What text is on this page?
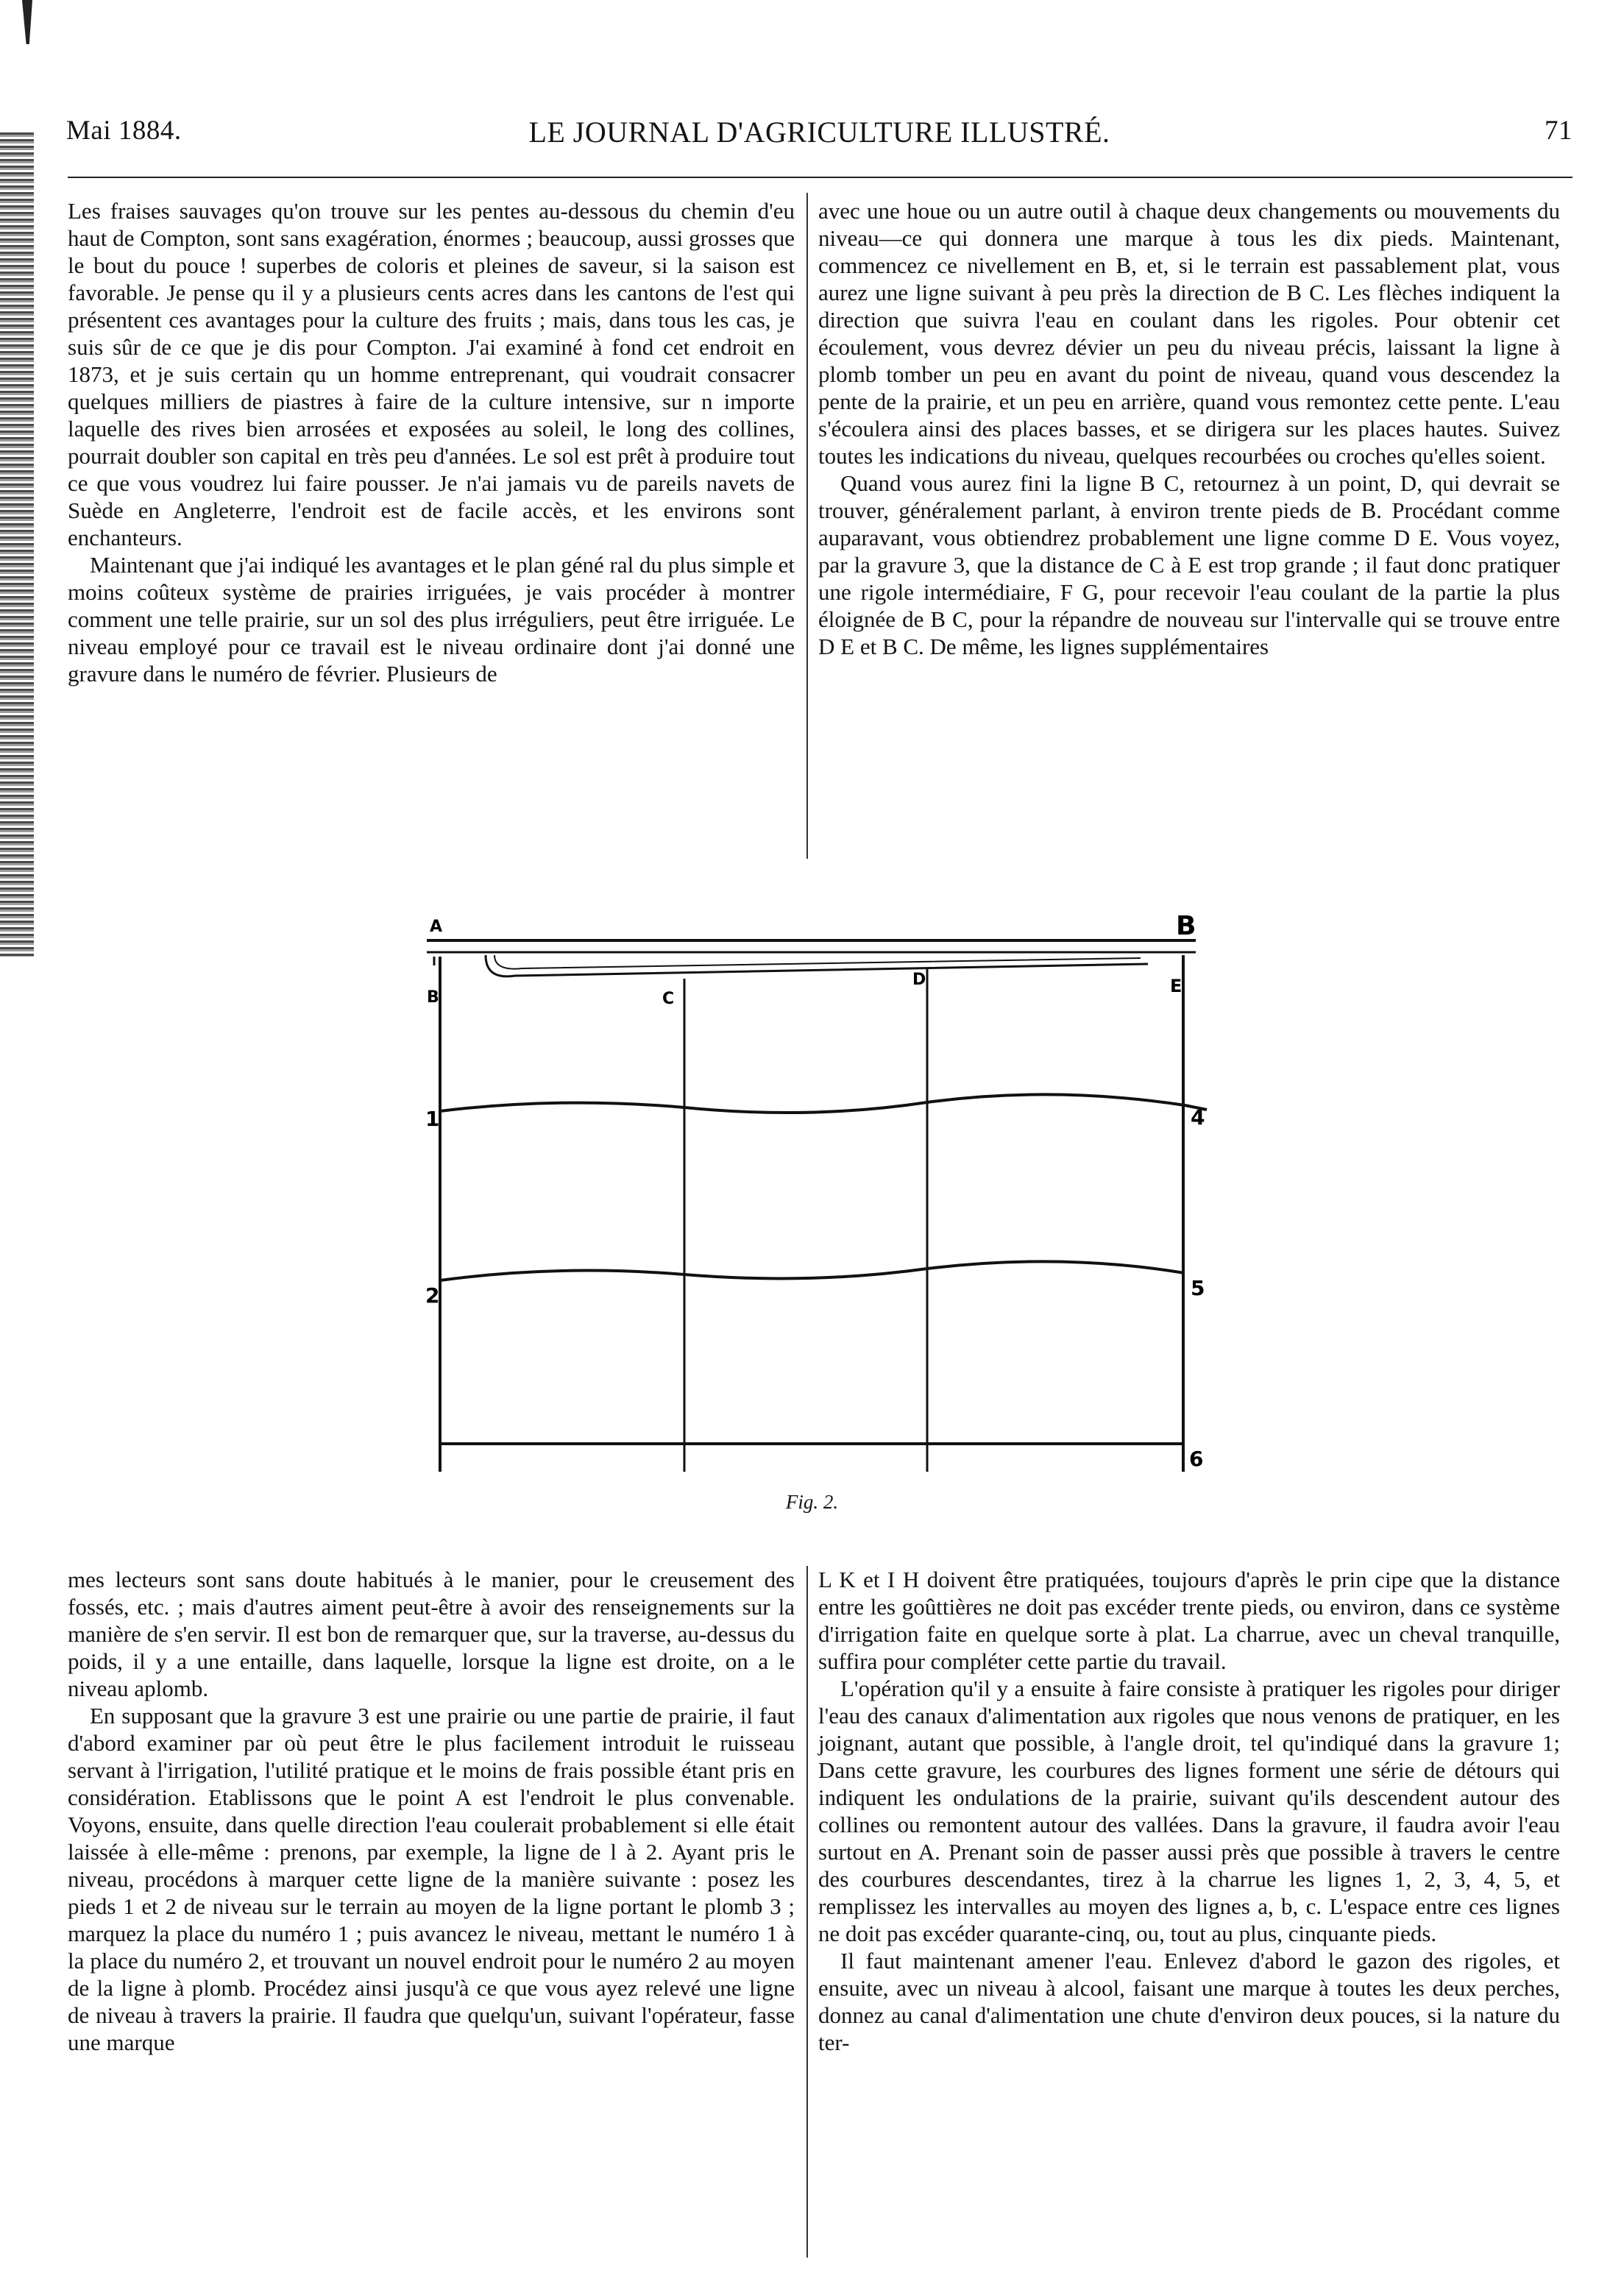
Mai 1884.	LE JOURNAL D'AGRICULTURE ILLUSTRÉ.	71

Les fraises sauvages qu'on trouve sur les pentes au-dessous du chemin d'eu haut de Compton, sont sans exagération, énormes ; beaucoup, aussi grosses que le bout du pouce ! superbes de coloris et pleines de saveur, si la saison est favorable. Je pense qu il y a plusieurs cents acres dans les cantons de l'est qui présentent ces avantages pour la culture des fruits ; mais, dans tous les cas, je suis sûr de ce que je dis pour Compton. J'ai examiné à fond cet endroit en 1873, et je suis certain qu un homme entreprenant, qui voudrait consacrer quelques milliers de piastres à faire de la culture intensive, sur n importe laquelle des rives bien arrosées et exposées au soleil, le long des collines, pourrait doubler son capital en très peu d'années. Le sol est prêt à produire tout ce que vous voudrez lui faire pousser. Je n'ai jamais vu de pareils navets de Suède en Angleterre, l'endroit est de facile accès, et les environs sont enchanteurs.

Maintenant que j'ai indiqué les avantages et le plan géné ral du plus simple et moins coûteux système de prairies irriguées, je vais procéder à montrer comment une telle prairie, sur un sol des plus irréguliers, peut être irriguée. Le niveau employé pour ce travail est le niveau ordinaire dont j'ai donné une gravure dans le numéro de février. Plusieurs de

avec une houe ou un autre outil à chaque deux changements ou mouvements du niveau—ce qui donnera une marque à tous les dix pieds. Maintenant, commencez ce nivellement en B, et, si le terrain est passablement plat, vous aurez une ligne suivant à peu près la direction de B C. Les flèches indiquent la direction que suivra l'eau en coulant dans les rigoles. Pour obtenir cet écoulement, vous devrez dévier un peu du niveau précis, laissant la ligne à plomb tomber un peu en avant du point de niveau, quand vous descendez la pente de la prairie, et un peu en arrière, quand vous remontez cette pente. L'eau s'écoulera ainsi des places basses, et se dirigera sur les places hautes. Suivez toutes les indications du niveau, quelques recourbées ou croches qu'elles soient.

Quand vous aurez fini la ligne B C, retournez à un point, D, qui devrait se trouver, généralement parlant, à environ trente pieds de B. Procédant comme auparavant, vous obtiendrez probablement une ligne comme D E. Vous voyez, par la gravure 3, que la distance de C à E est trop grande ; il faut donc pratiquer une rigole intermédiaire, F G, pour recevoir l'eau coulant de la partie la plus éloignée de B C, pour la répandre de nouveau sur l'intervalle qui se trouve entre D E et B C. De même, les lignes supplémentaires

A	B
B	C
D	E
1
2
4
5
6
Fig. 2.

mes lecteurs sont sans doute habitués à le manier, pour le creusement des fossés, etc. ; mais d'autres aiment peut-être à avoir des renseignements sur la manière de s'en servir. Il est bon de remarquer que, sur la traverse, au-dessus du poids, il y a une entaille, dans laquelle, lorsque la ligne est droite, on a le niveau aplomb.

En supposant que la gravure 3 est une prairie ou une partie de prairie, il faut d'abord examiner par où peut être le plus facilement introduit le ruisseau servant à l'irrigation, l'utilité pratique et le moins de frais possible étant pris en considération. Etablissons que le point A est l'endroit le plus convenable. Voyons, ensuite, dans quelle direction l'eau coulerait probablement si elle était laissée à elle-même : prenons, par exemple, la ligne de l à 2. Ayant pris le niveau, procédons à marquer cette ligne de la manière suivante : posez les pieds 1 et 2 de niveau sur le terrain au moyen de la ligne portant le plomb 3 ; marquez la place du numéro 1 ; puis avancez le niveau, mettant le numéro 1 à la place du numéro 2, et trouvant un nouvel endroit pour le numéro 2 au moyen de la ligne à plomb. Procédez ainsi jusqu'à ce que vous ayez relevé une ligne de niveau à travers la prairie. Il faudra que quelqu'un, suivant l'opérateur, fasse une marque

L K et I H doivent être pratiquées, toujours d'après le prin cipe que la distance entre les goûttières ne doit pas excéder trente pieds, ou environ, dans ce système d'irrigation faite en quelque sorte à plat. La charrue, avec un cheval tranquille, suffira pour compléter cette partie du travail.

L'opération qu'il y a ensuite à faire consiste à pratiquer les rigoles pour diriger l'eau des canaux d'alimentation aux rigoles que nous venons de pratiquer, en les joignant, autant que possible, à l'angle droit, tel qu'indiqué dans la gravure 1; Dans cette gravure, les courbures des lignes forment une série de détours qui indiquent les ondulations de la prairie, suivant qu'ils descendent autour des collines ou remontent autour des vallées. Dans la gravure, il faudra avoir l'eau surtout en A. Prenant soin de passer aussi près que possible à travers le centre des courbures descendantes, tirez à la charrue les lignes 1, 2, 3, 4, 5, et remplissez les intervalles au moyen des lignes a, b, c. L'espace entre ces lignes ne doit pas excéder quarante-cinq, ou, tout au plus, cinquante pieds.

Il faut maintenant amener l'eau. Enlevez d'abord le gazon des rigoles, et ensuite, avec un niveau à alcool, faisant une marque à toutes les deux perches, donnez au canal d'alimentation une chute d'environ deux pouces, si la nature du ter-
